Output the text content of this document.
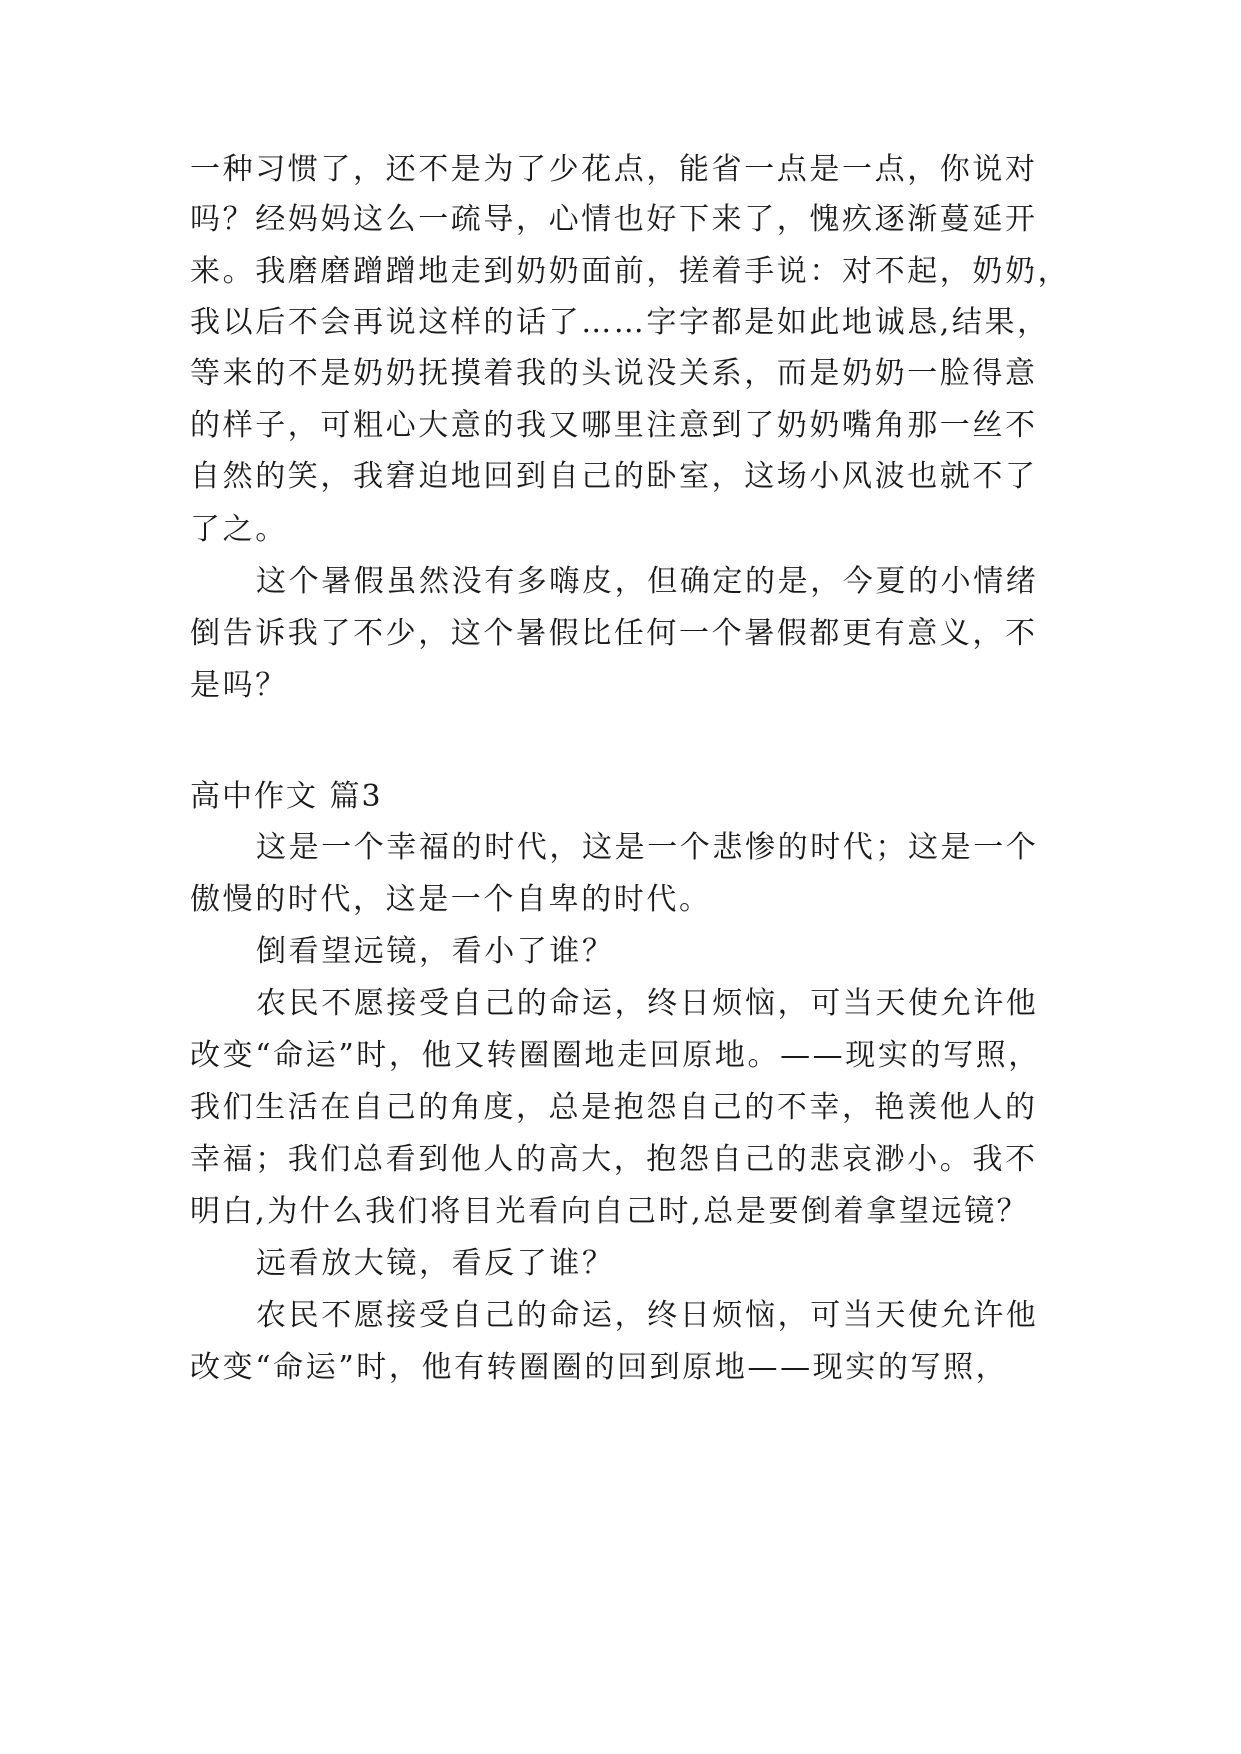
一种习惯了，还不是为了少花点，能省一点是一点，你说对
吗？经妈妈这么一疏导，心情也好下来了，愧疚逐渐蔓延开
来。我磨磨蹭蹭地走到奶奶面前，搓着手说：对不起，奶奶，
我以后不会再说这样的话了……字字都是如此地诚恳,结果，
等来的不是奶奶抚摸着我的头说没关系，而是奶奶一脸得意
的样子，可粗心大意的我又哪里注意到了奶奶嘴角那一丝不
自然的笑，我窘迫地回到自己的卧室，这场小风波也就不了
了之。
这个暑假虽然没有多嗨皮，但确定的是，今夏的小情绪
倒告诉我了不少，这个暑假比任何一个暑假都更有意义，不
是吗？
高中作文 篇3
这是一个幸福的时代，这是一个悲惨的时代；这是一个
傲慢的时代，这是一个自卑的时代。
倒看望远镜，看小了谁？
农民不愿接受自己的命运，终日烦恼，可当天使允许他
改变“命运”时，他又转圈圈地走回原地。——现实的写照，
我们生活在自己的角度，总是抱怨自己的不幸，艳羡他人的
幸福；我们总看到他人的高大，抱怨自己的悲哀渺小。我不
明白,为什么我们将目光看向自己时,总是要倒着拿望远镜？
远看放大镜，看反了谁？
农民不愿接受自己的命运，终日烦恼，可当天使允许他
改变“命运”时，他有转圈圈的回到原地——现实的写照，
